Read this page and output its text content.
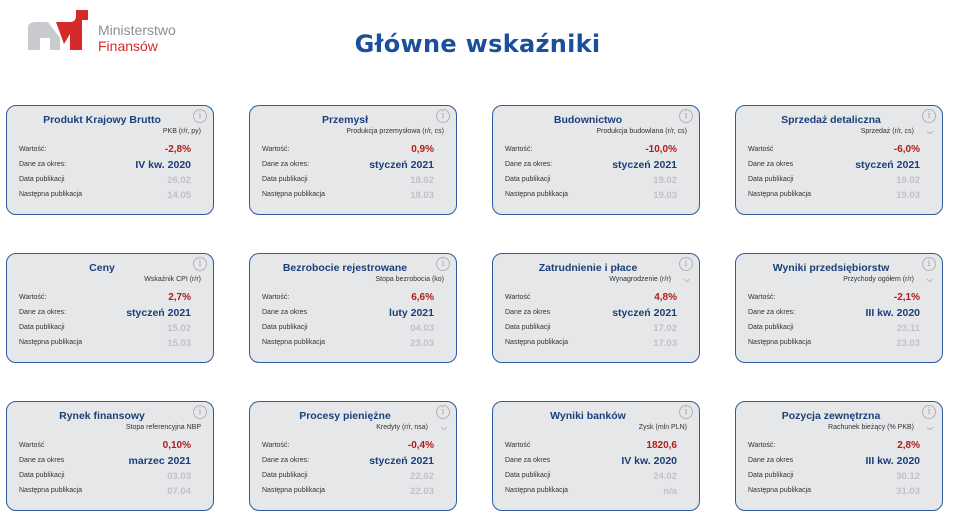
Ministerstwo
Finansów	Główne wskaźniki
Produkt Krajowy Brutto	i
PKB (r/r, py)
Wartość:	-2,8%
Dane za okres:	IV kw. 2020
Data publikacji	26.02
Następna publikacja	14.05
Przemysł	i
Produkcja przemysłowa (r/r, cs)
Wartość:	0,9%
Dane za okres:	styczeń 2021
Data publikacji	18.02
Następna publikacja	18.03
Budownictwo	i
Produkcja budowlana (r/r, cs)
Wartość:	-10,0%
Dane za okres:	styczeń 2021
Data publikacji	19.02
Następna publikacja	19.03
Sprzedaż detaliczna	i
Sprzedaż (r/r, cs) ⌵
Wartość	-6,0%
Dane za okres	styczeń 2021
Data publikacji	19.02
Następna publikacja	19.03
Ceny	i
Wskaźnik CPI (r/r)
Wartość:	2,7%
Dane za okres:	styczeń 2021
Data publikacji	15.02
Następna publikacja	15.03
Bezrobocie rejestrowane	i
Stopa bezrobocia (ko)
Wartość:	6,6%
Dane za okres	luty 2021
Data publikacji	04.03
Następna publikacja	23.03
Zatrudnienie i płace	i
Wynagrodzenie (r/r) ⌵
Wartość	4,8%
Dane za okres	styczeń 2021
Data publikacji	17.02
Następna publikacja	17.03
Wyniki przedsiębiorstw	i
Przychody ogółem (r/r) ⌵
Wartość:	-2,1%
Dane za okres:	III kw. 2020
Data publikacji	23.11
Następna publikacja	23.03
Rynek finansowy	i
Stopa referencyjna NBP
Wartość	0,10%
Dane za okres	marzec 2021
Data publikacji	03.03
Następna publikacja	07.04
Procesy pieniężne	i
Kredyty (r/r, nsa) ⌵
Wartość:	-0,4%
Dane za okres:	styczeń 2021
Data publikacji	22.02
Następna publikacja	22.03
Wyniki banków	i
Zysk (mln PLN)
Wartość	1820,6
Dane za okres	IV kw. 2020
Data publikacji	24.02
Następna publikacja	n/a
Pozycja zewnętrzna	i
Rachunek bieżący (% PKB) ⌵
Wartość:	2,8%
Dane za okres	III kw. 2020
Data publikacji	30.12
Następna publikacja	31.03
